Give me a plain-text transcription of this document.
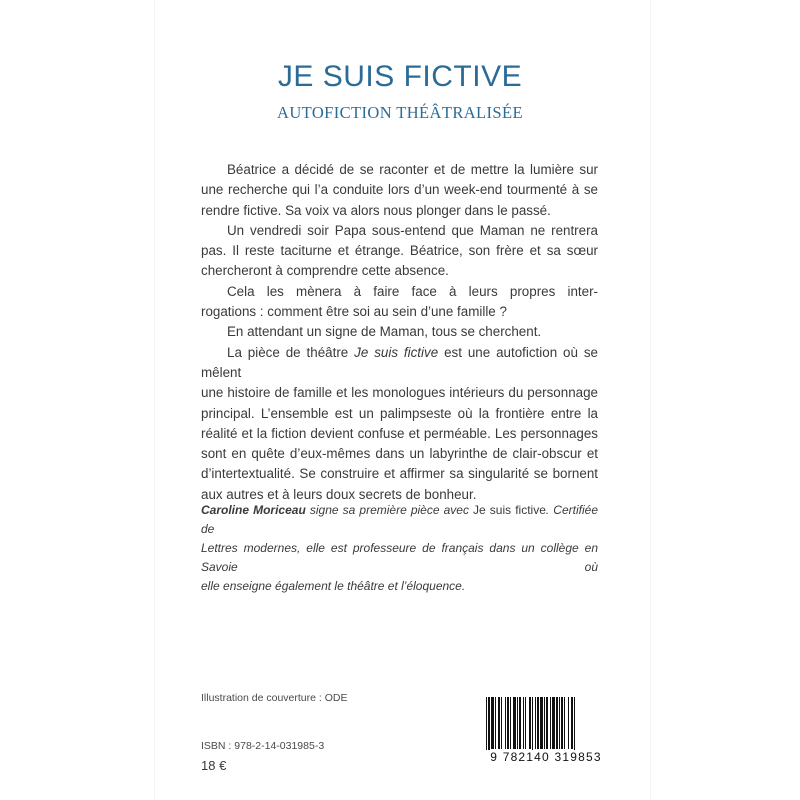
JE SUIS FICTIVE
AUTOFICTION THÉÂTRALISÉE

Béatrice a décidé de se raconter et de mettre la lumière sur
une recherche qui l’a conduite lors d’un week-end tourmenté à se
rendre fictive. Sa voix va alors nous plonger dans le passé.

Un vendredi soir Papa sous-entend que Maman ne rentrera
pas. Il reste taciturne et étrange. Béatrice, son frère et sa sœur
chercheront à comprendre cette absence.

Cela les mènera à faire face à leurs propres inter-
rogations : comment être soi au sein d’une famille ?

En attendant un signe de Maman, tous se cherchent.

La pièce de théâtre Je suis fictive est une autofiction où se mêlent
une histoire de famille et les monologues intérieurs du personnage
principal. L’ensemble est un palimpseste où la frontière entre la
réalité et la fiction devient confuse et perméable. Les personnages
sont en quête d’eux-mêmes dans un labyrinthe de clair-obscur et
d’intertextualité. Se construire et affirmer sa singularité se bornent
aux autres et à leurs doux secrets de bonheur.

Caroline Moriceau signe sa première pièce avec Je suis fictive. Certifiée de
Lettres modernes, elle est professeure de français dans un collège en Savoie où
elle enseigne également le théâtre et l’éloquence.
Illustration de couverture : ODE
ISBN : 978-2-14-031985-3
18 €
9 782140 319853
